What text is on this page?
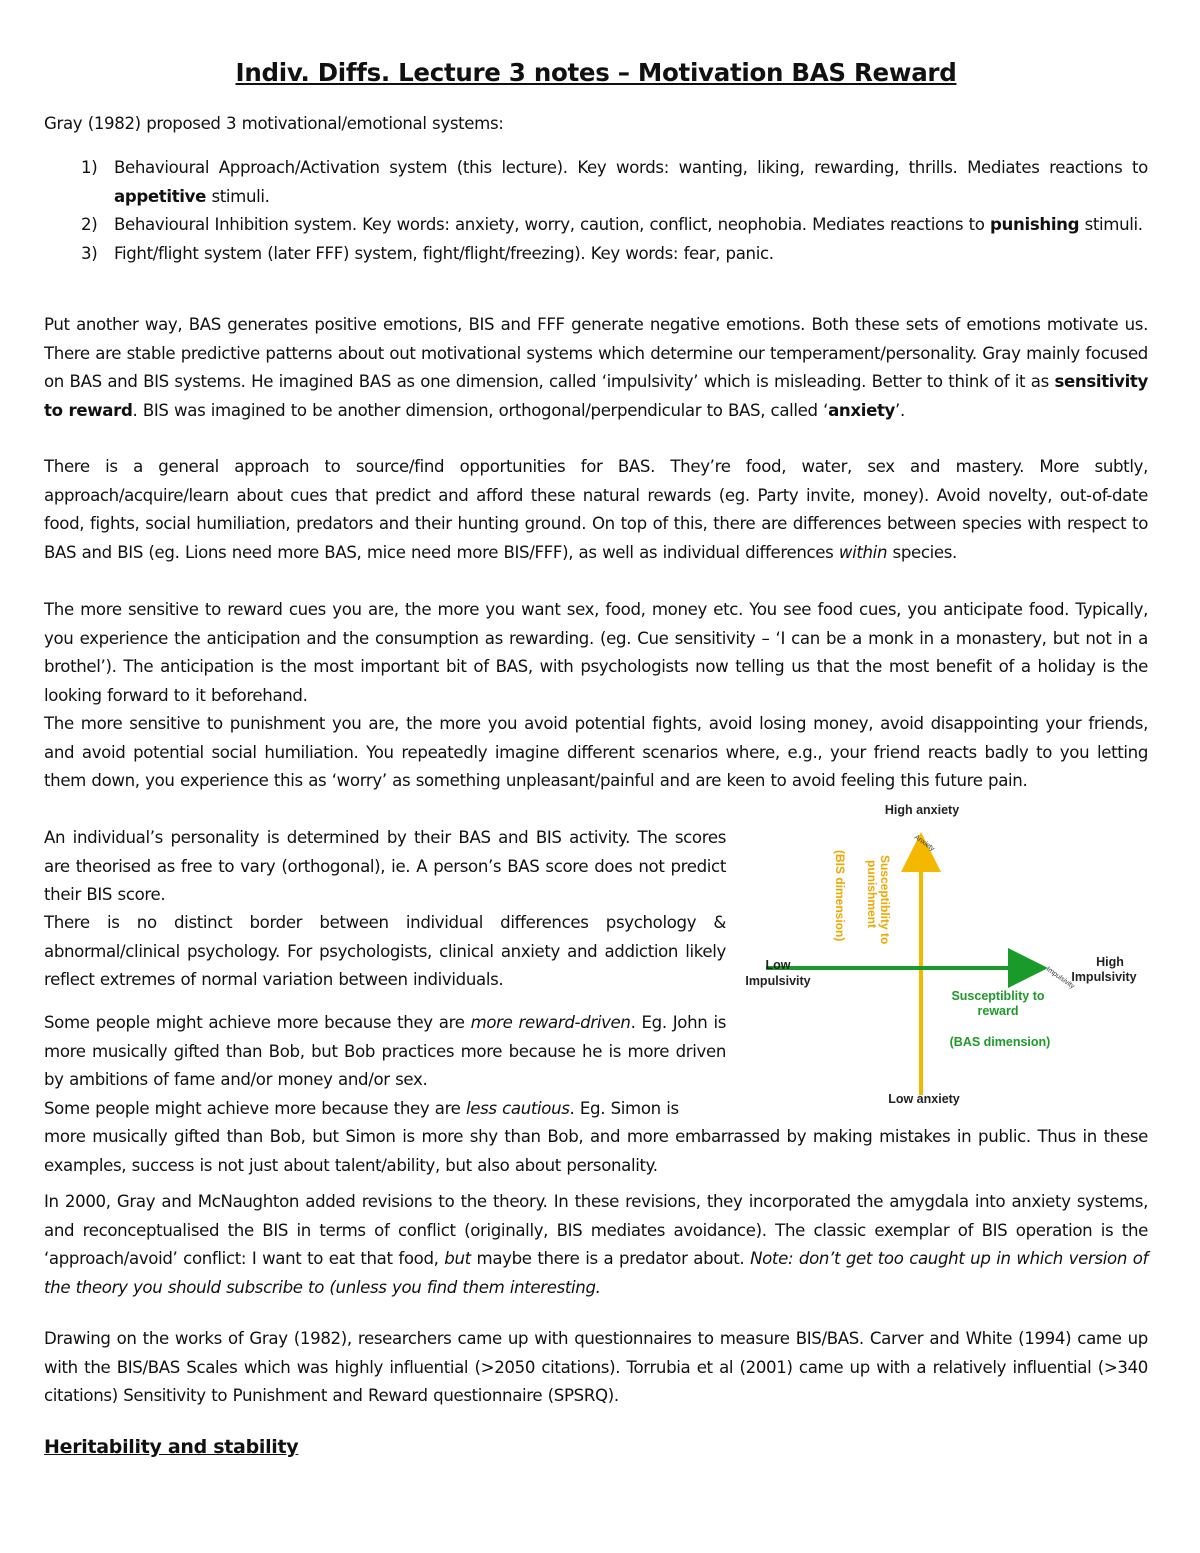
Indiv. Diffs. Lecture 3 notes – Motivation BAS Reward
Gray (1982) proposed 3 motivational/emotional systems:
1) Behavioural Approach/Activation system (this lecture). Key words: wanting, liking, rewarding, thrills. Mediates reactions to appetitive stimuli.
2) Behavioural Inhibition system. Key words: anxiety, worry, caution, conflict, neophobia. Mediates reactions to punishing stimuli.
3) Fight/flight system (later FFF) system, fight/flight/freezing). Key words: fear, panic.
Put another way, BAS generates positive emotions, BIS and FFF generate negative emotions. Both these sets of emotions motivate us. There are stable predictive patterns about out motivational systems which determine our temperament/personality. Gray mainly focused on BAS and BIS systems. He imagined BAS as one dimension, called ‘impulsivity’ which is misleading. Better to think of it as sensitivity to reward. BIS was imagined to be another dimension, orthogonal/perpendicular to BAS, called ‘anxiety’.
There is a general approach to source/find opportunities for BAS. They’re food, water, sex and mastery. More subtly, approach/acquire/learn about cues that predict and afford these natural rewards (eg. Party invite, money). Avoid novelty, out-of-date food, fights, social humiliation, predators and their hunting ground. On top of this, there are differences between species with respect to BAS and BIS (eg. Lions need more BAS, mice need more BIS/FFF), as well as individual differences within species.
The more sensitive to reward cues you are, the more you want sex, food, money etc. You see food cues, you anticipate food. Typically, you experience the anticipation and the consumption as rewarding. (eg. Cue sensitivity – ‘I can be a monk in a monastery, but not in a brothel’). The anticipation is the most important bit of BAS, with psychologists now telling us that the most benefit of a holiday is the looking forward to it beforehand.
The more sensitive to punishment you are, the more you avoid potential fights, avoid losing money, avoid disappointing your friends, and avoid potential social humiliation. You repeatedly imagine different scenarios where, e.g., your friend reacts badly to you letting them down, you experience this as ‘worry’ as something unpleasant/painful and are keen to avoid feeling this future pain.
An individual’s personality is determined by their BAS and BIS activity. The scores are theorised as free to vary (orthogonal), ie. A person’s BAS score does not predict their BIS score.
There is no distinct border between individual differences psychology & abnormal/clinical psychology. For psychologists, clinical anxiety and addiction likely reflect extremes of normal variation between individuals.
Some people might achieve more because they are more reward-driven. Eg. John is more musically gifted than Bob, but Bob practices more because he is more driven by ambitions of fame and/or money and/or sex.
Some people might achieve more because they are less cautious. Eg. Simon is
more musically gifted than Bob, but Simon is more shy than Bob, and more embarrassed by making mistakes in public. Thus in these examples, success is not just about talent/ability, but also about personality.
In 2000, Gray and McNaughton added revisions to the theory. In these revisions, they incorporated the amygdala into anxiety systems, and reconceptualised the BIS in terms of conflict (originally, BIS mediates avoidance). The classic exemplar of BIS operation is the ‘approach/avoid’ conflict: I want to eat that food, but maybe there is a predator about. Note: don’t get too caught up in which version of the theory you should subscribe to (unless you find them interesting.
Drawing on the works of Gray (1982), researchers came up with questionnaires to measure BIS/BAS. Carver and White (1994) came up with the BIS/BAS Scales which was highly influential (>2050 citations). Torrubia et al (2001) came up with a relatively influential (>340 citations) Sensitivity to Punishment and Reward questionnaire (SPSRQ).
Heritability and stability
High anxiety
Low anxiety
Low
Impulsivity
High
Impulsivity
Anxiety
Impulsivity
Susceptiblity to
punishment
(BIS dimension)
Susceptiblity to
reward
(BAS dimension)
